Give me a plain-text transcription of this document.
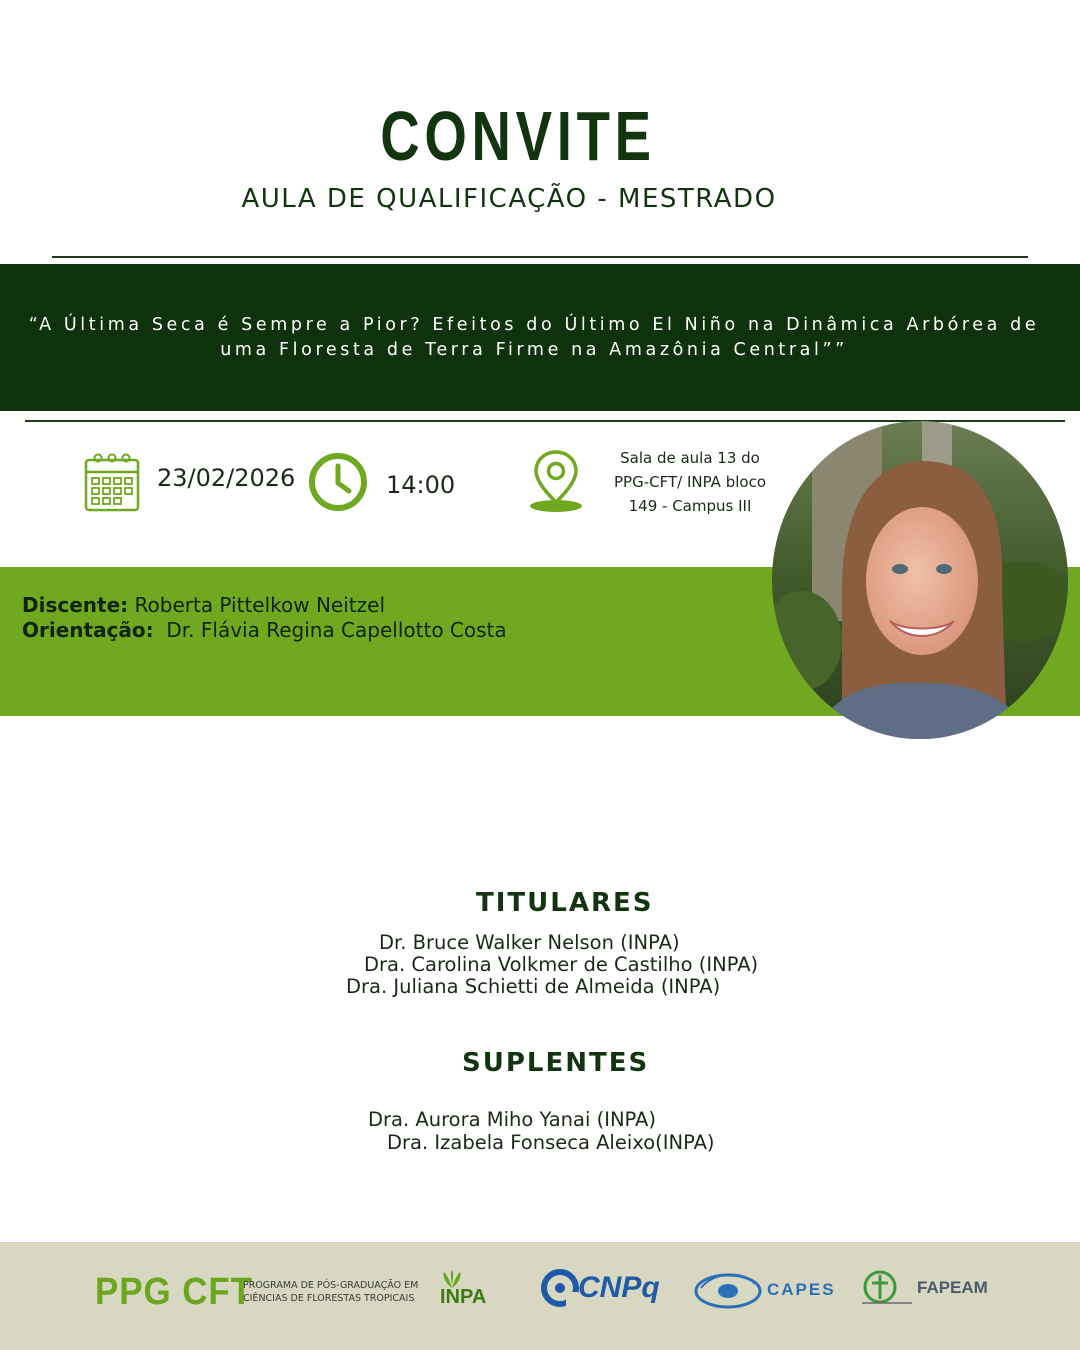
CONVITE
AULA DE QUALIFICAÇÃO - MESTRADO
“A Última Seca é Sempre a Pior? Efeitos do Último El Niño na Dinâmica Arbórea de
uma Floresta de Terra Firme na Amazônia Central””
23/02/2026	14:00
Sala de aula 13 do
PPG-CFT/ INPA bloco
149 - Campus III
Discente: Roberta Pittelkow Neitzel
Orientação: Dr. Flávia Regina Capellotto Costa
TITULARES
Dr. Bruce Walker Nelson (INPA)
Dra. Carolina Volkmer de Castilho (INPA)
Dra. Juliana Schietti de Almeida (INPA)
SUPLENTES
Dra. Aurora Miho Yanai (INPA)
Dra. Izabela Fonseca Aleixo(INPA)
PPG CFT
PROGRAMA DE PÓS-GRADUAÇÃO EM
CIÊNCIAS DE FLORESTAS TROPICAIS INPA	CNPq	CAPES	FAPEAM
